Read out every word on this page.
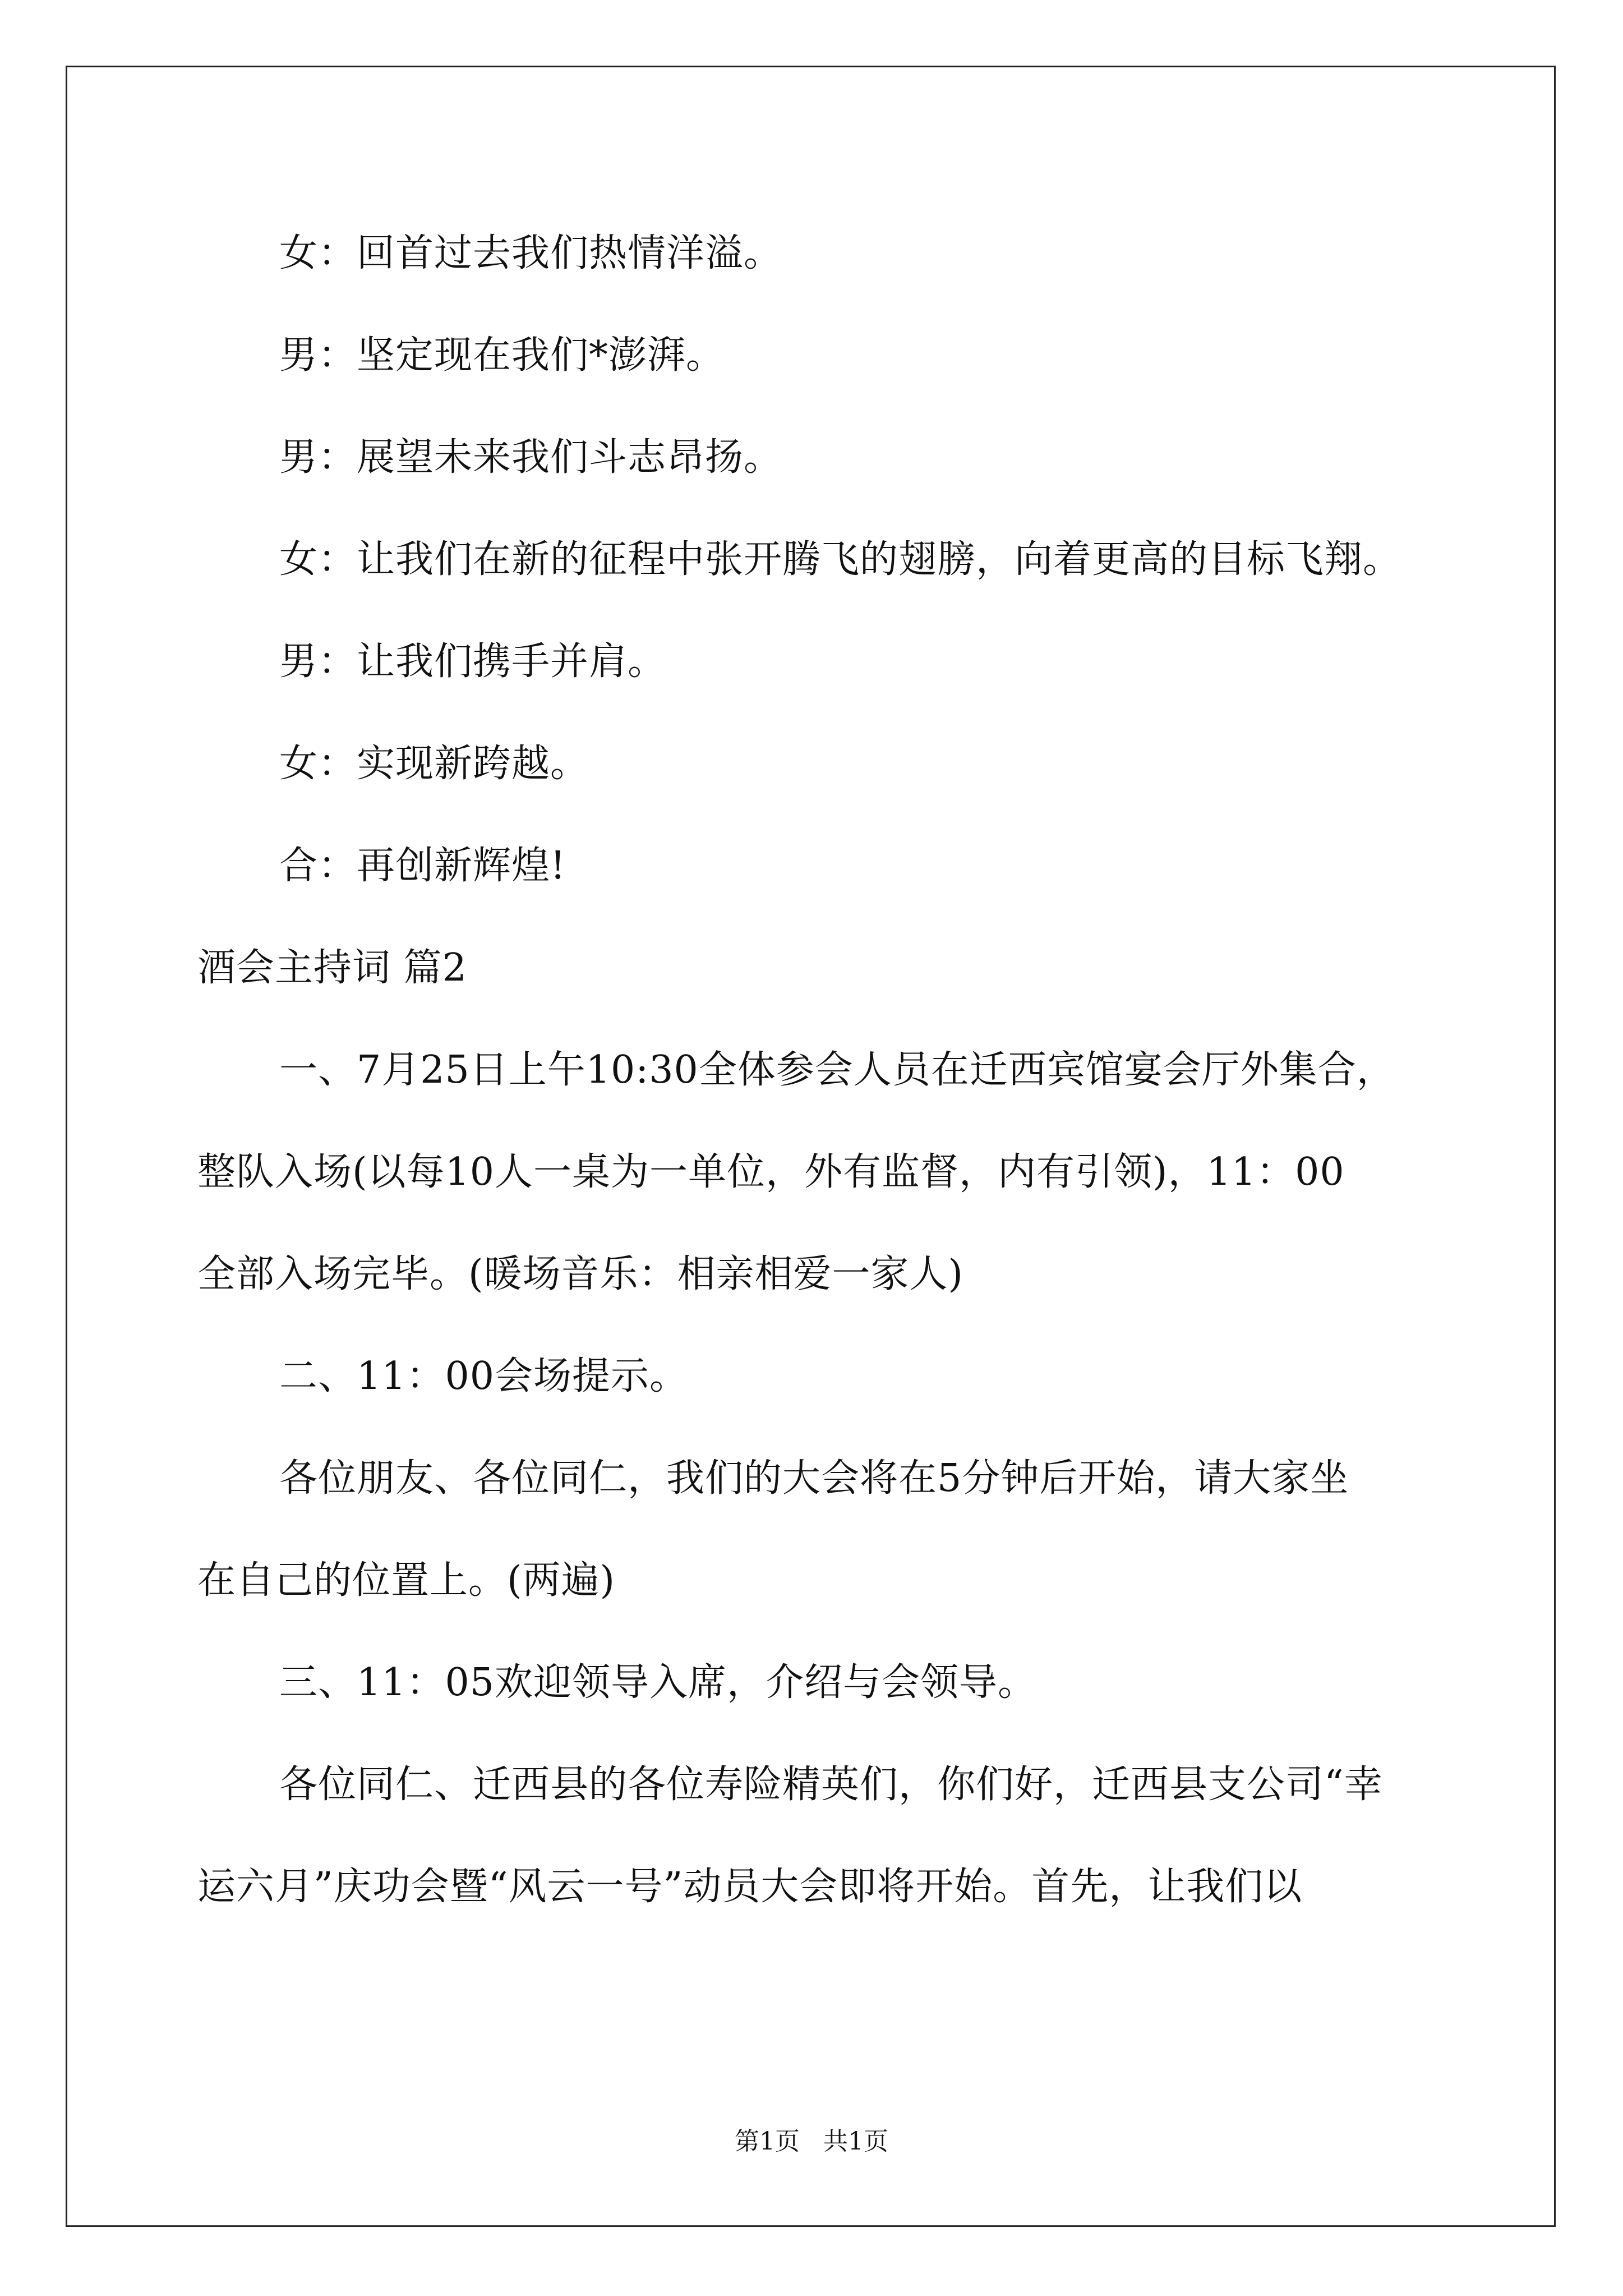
女：回首过去我们热情洋溢。
男：坚定现在我们*澎湃。
男：展望未来我们斗志昂扬。
女：让我们在新的征程中张开腾飞的翅膀，向着更高的目标飞翔。
男：让我们携手并肩。
女：实现新跨越。
合：再创新辉煌!
酒会主持词 篇2
一、7月25日上午10:30全体参会人员在迁西宾馆宴会厅外集合，
整队入场(以每10人一桌为一单位，外有监督，内有引领)，11：00
全部入场完毕。(暖场音乐：相亲相爱一家人)
二、11：00会场提示。
各位朋友、各位同仁，我们的大会将在5分钟后开始，请大家坐
在自己的位置上。(两遍)
三、11：05欢迎领导入席，介绍与会领导。
各位同仁、迁西县的各位寿险精英们，你们好，迁西县支公司“幸
运六月”庆功会暨“风云一号”动员大会即将开始。首先，让我们以
第1页 共1页
